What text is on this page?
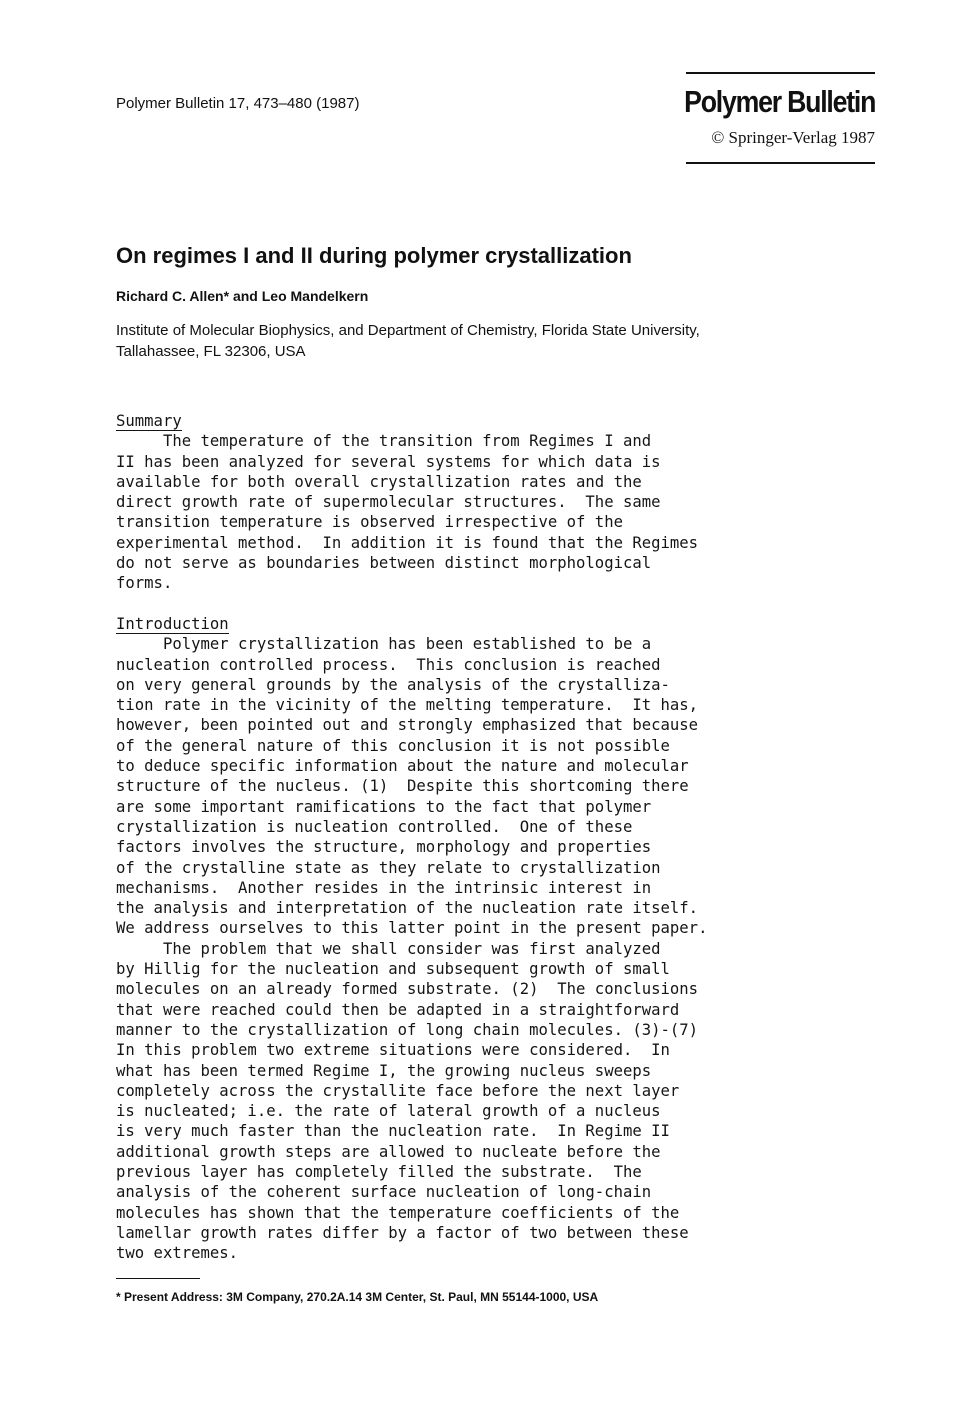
Polymer Bulletin 17, 473–480 (1987)	Polymer Bulletin
© Springer-Verlag 1987
On regimes I and II during polymer crystallization
Richard C. Allen* and Leo Mandelkern
Institute of Molecular Biophysics, and Department of Chemistry, Florida State University,
Tallahassee, FL 32306, USA
Summary
The temperature of the transition from Regimes I and
II has been analyzed for several systems for which data is
available for both overall crystallization rates and the
direct growth rate of supermolecular structures.  The same
transition temperature is observed irrespective of the
experimental method.  In addition it is found that the Regimes
do not serve as boundaries between distinct morphological
forms.
Introduction
Polymer crystallization has been established to be a
nucleation controlled process.  This conclusion is reached
on very general grounds by the analysis of the crystalliza-
tion rate in the vicinity of the melting temperature.  It has,
however, been pointed out and strongly emphasized that because
of the general nature of this conclusion it is not possible
to deduce specific information about the nature and molecular
structure of the nucleus. (1)  Despite this shortcoming there
are some important ramifications to the fact that polymer
crystallization is nucleation controlled.  One of these
factors involves the structure, morphology and properties
of the crystalline state as they relate to crystallization
mechanisms.  Another resides in the intrinsic interest in
the analysis and interpretation of the nucleation rate itself.
We address ourselves to this latter point in the present paper.
The problem that we shall consider was first analyzed
by Hillig for the nucleation and subsequent growth of small
molecules on an already formed substrate. (2)  The conclusions
that were reached could then be adapted in a straightforward
manner to the crystallization of long chain molecules. (3)-(7)
In this problem two extreme situations were considered.  In
what has been termed Regime I, the growing nucleus sweeps
completely across the crystallite face before the next layer
is nucleated; i.e. the rate of lateral growth of a nucleus
is very much faster than the nucleation rate.  In Regime II
additional growth steps are allowed to nucleate before the
previous layer has completely filled the substrate.  The
analysis of the coherent surface nucleation of long-chain
molecules has shown that the temperature coefficients of the
lamellar growth rates differ by a factor of two between these
two extremes.
* Present Address: 3M Company, 270.2A.14 3M Center, St. Paul, MN 55144-1000, USA
